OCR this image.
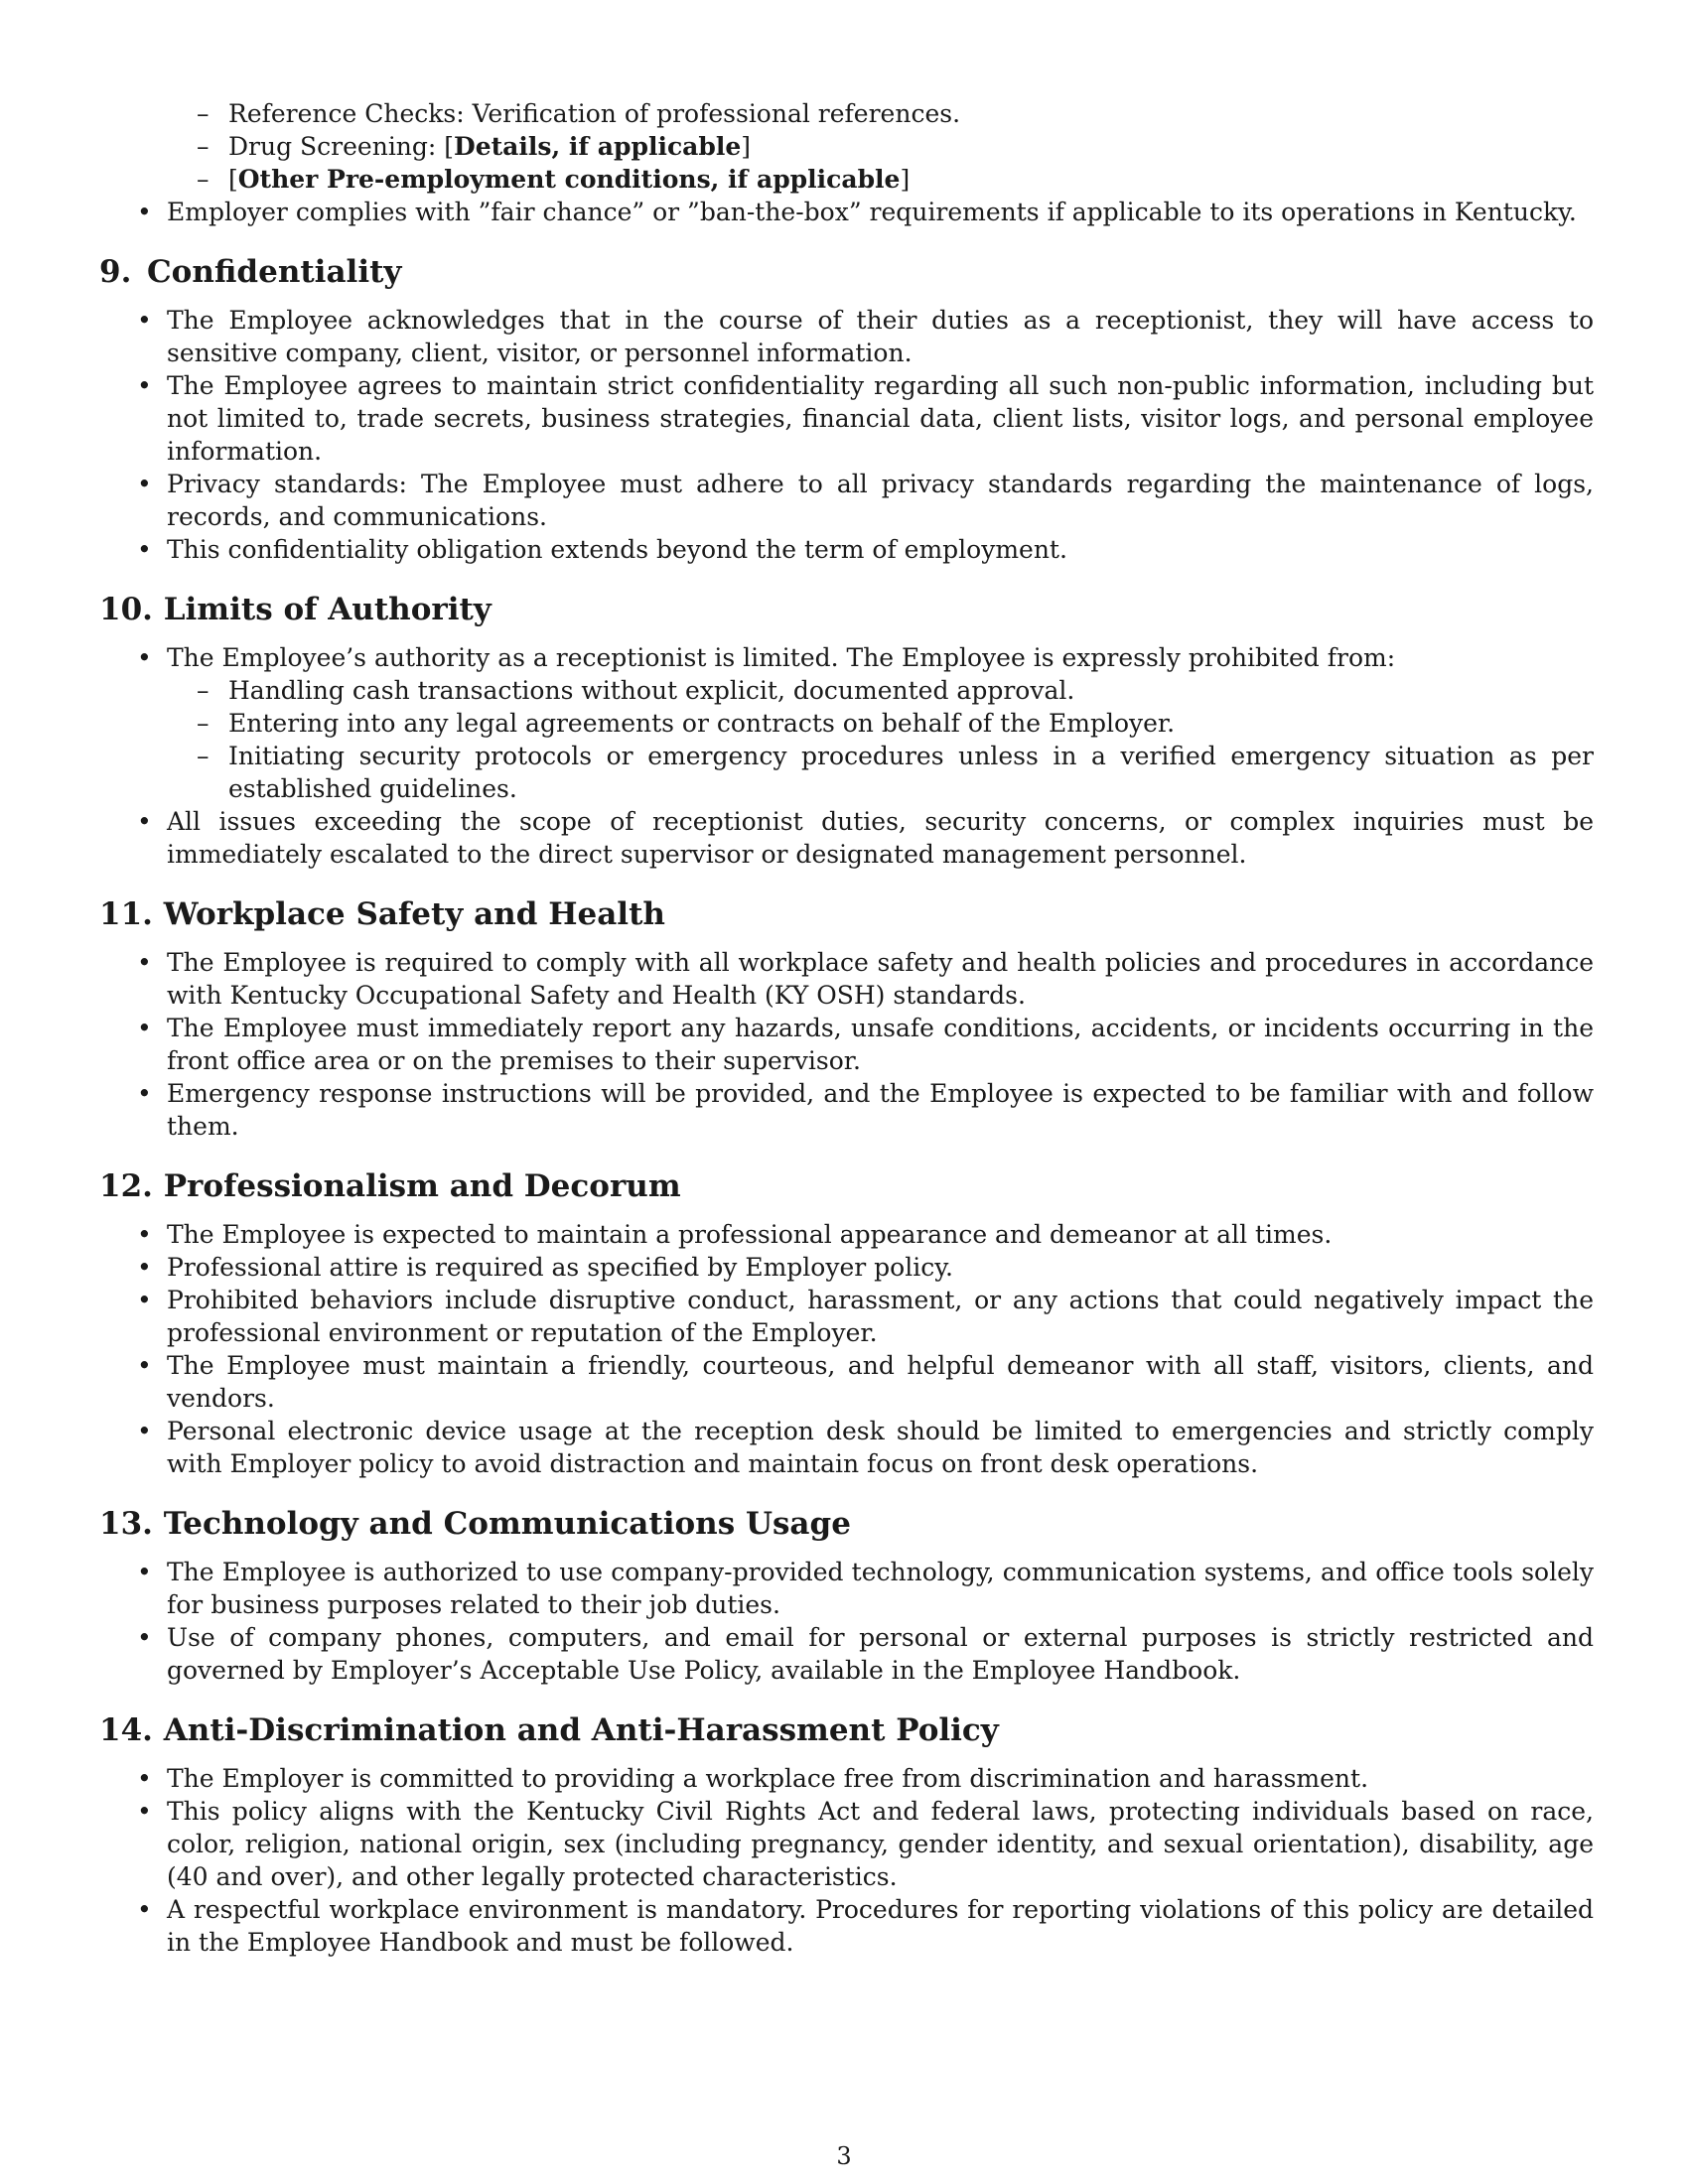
– Reference Checks: Verification of professional references.
– Drug Screening: [Details, if applicable]
– [Other Pre-employment conditions, if applicable]
• Employer complies with ”fair chance” or ”ban-the-box” requirements if applicable to its operations in Kentucky.
9. Confidentiality
• The Employee acknowledges that in the course of their duties as a receptionist, they will have access to sensitive company, client, visitor, or personnel information.
• The Employee agrees to maintain strict confidentiality regarding all such non-public information, including but not limited to, trade secrets, business strategies, financial data, client lists, visitor logs, and personal employee information.
• Privacy standards: The Employee must adhere to all privacy standards regarding the maintenance of logs, records, and communications.
• This confidentiality obligation extends beyond the term of employment.
10. Limits of Authority
• The Employee’s authority as a receptionist is limited. The Employee is expressly prohibited from:
– Handling cash transactions without explicit, documented approval.
– Entering into any legal agreements or contracts on behalf of the Employer.
– Initiating security protocols or emergency procedures unless in a verified emergency situation as per established guidelines.
• All issues exceeding the scope of receptionist duties, security concerns, or complex inquiries must be immediately escalated to the direct supervisor or designated management personnel.
11. Workplace Safety and Health
• The Employee is required to comply with all workplace safety and health policies and procedures in accordance with Kentucky Occupational Safety and Health (KY OSH) standards.
• The Employee must immediately report any hazards, unsafe conditions, accidents, or incidents occurring in the front office area or on the premises to their supervisor.
• Emergency response instructions will be provided, and the Employee is expected to be familiar with and follow them.
12. Professionalism and Decorum
• The Employee is expected to maintain a professional appearance and demeanor at all times.
• Professional attire is required as specified by Employer policy.
• Prohibited behaviors include disruptive conduct, harassment, or any actions that could negatively impact the professional environment or reputation of the Employer.
• The Employee must maintain a friendly, courteous, and helpful demeanor with all staff, visitors, clients, and vendors.
• Personal electronic device usage at the reception desk should be limited to emergencies and strictly comply with Employer policy to avoid distraction and maintain focus on front desk operations.
13. Technology and Communications Usage
• The Employee is authorized to use company-provided technology, communication systems, and office tools solely for business purposes related to their job duties.
• Use of company phones, computers, and email for personal or external purposes is strictly restricted and governed by Employer’s Acceptable Use Policy, available in the Employee Handbook.
14. Anti-Discrimination and Anti-Harassment Policy
• The Employer is committed to providing a workplace free from discrimination and harassment.
• This policy aligns with the Kentucky Civil Rights Act and federal laws, protecting individuals based on race, color, religion, national origin, sex (including pregnancy, gender identity, and sexual orientation), disability, age (40 and over), and other legally protected characteristics.
• A respectful workplace environment is mandatory. Procedures for reporting violations of this policy are detailed in the Employee Handbook and must be followed.
3
